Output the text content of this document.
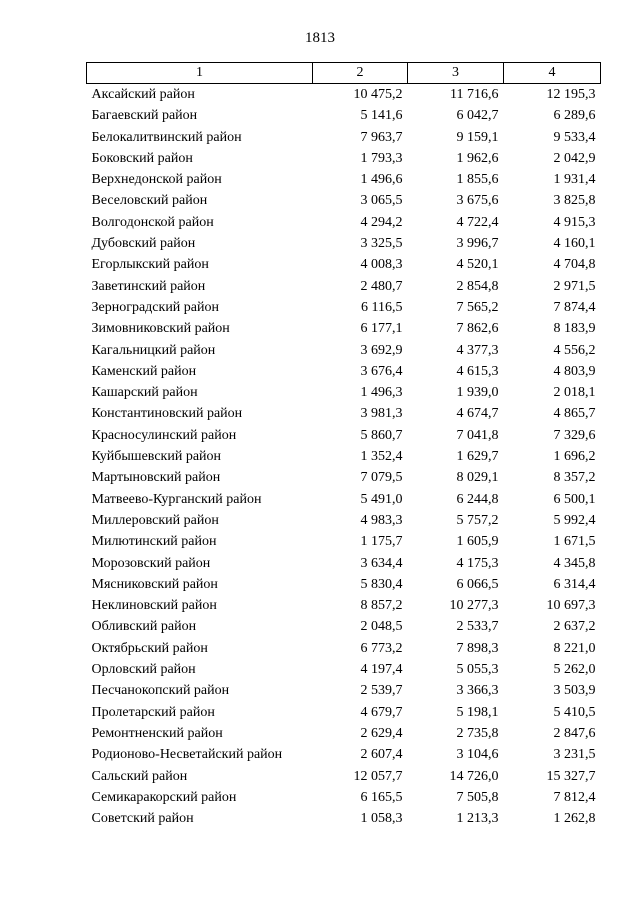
1813
1	2	3	4
Аксайский район	10 475,2	11 716,6	12 195,3
Багаевский район	5 141,6	6 042,7	6 289,6
Белокалитвинский район	7 963,7	9 159,1	9 533,4
Боковский район	1 793,3	1 962,6	2 042,9
Верхнедонской район	1 496,6	1 855,6	1 931,4
Веселовский район	3 065,5	3 675,6	3 825,8
Волгодонской район	4 294,2	4 722,4	4 915,3
Дубовский район	3 325,5	3 996,7	4 160,1
Егорлыкский район	4 008,3	4 520,1	4 704,8
Заветинский район	2 480,7	2 854,8	2 971,5
Зерноградский район	6 116,5	7 565,2	7 874,4
Зимовниковский район	6 177,1	7 862,6	8 183,9
Кагальницкий район	3 692,9	4 377,3	4 556,2
Каменский район	3 676,4	4 615,3	4 803,9
Кашарский район	1 496,3	1 939,0	2 018,1
Константиновский район	3 981,3	4 674,7	4 865,7
Красносулинский район	5 860,7	7 041,8	7 329,6
Куйбышевский район	1 352,4	1 629,7	1 696,2
Мартыновский район	7 079,5	8 029,1	8 357,2
Матвеево-Курганский район	5 491,0	6 244,8	6 500,1
Миллеровский район	4 983,3	5 757,2	5 992,4
Милютинский район	1 175,7	1 605,9	1 671,5
Морозовский район	3 634,4	4 175,3	4 345,8
Мясниковский район	5 830,4	6 066,5	6 314,4
Неклиновский район	8 857,2	10 277,3	10 697,3
Обливский район	2 048,5	2 533,7	2 637,2
Октябрьский район	6 773,2	7 898,3	8 221,0
Орловский район	4 197,4	5 055,3	5 262,0
Песчанокопский район	2 539,7	3 366,3	3 503,9
Пролетарский район	4 679,7	5 198,1	5 410,5
Ремонтненский район	2 629,4	2 735,8	2 847,6
Родионово-Несветайский район	2 607,4	3 104,6	3 231,5
Сальский район	12 057,7	14 726,0	15 327,7
Семикаракорский район	6 165,5	7 505,8	7 812,4
Советский район	1 058,3	1 213,3	1 262,8
